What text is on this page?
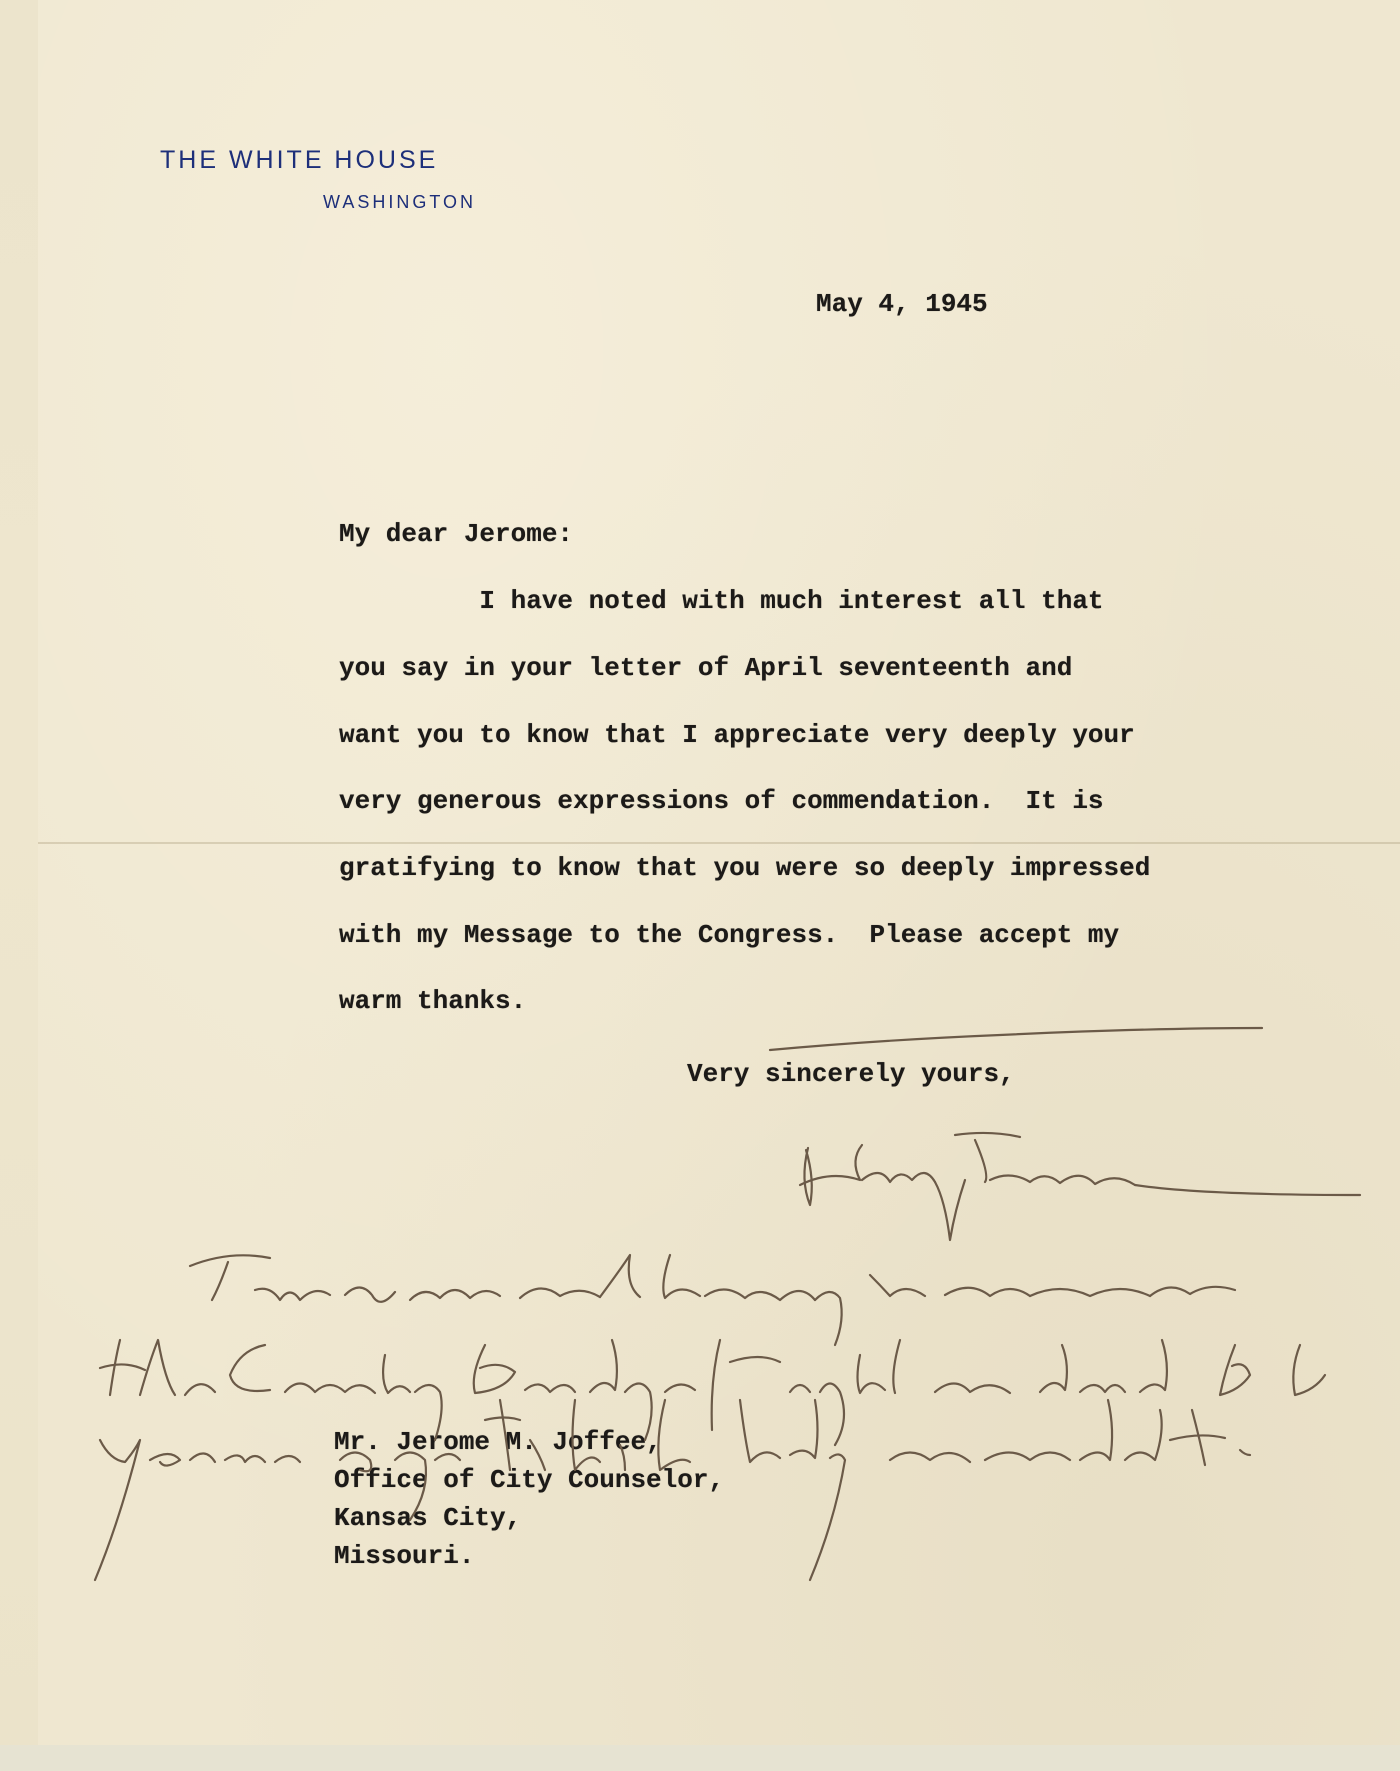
THE WHITE HOUSE
WASHINGTON
May 4, 1945
My dear Jerome:
I have noted with much interest all that
you say in your letter of April seventeenth and
want you to know that I appreciate very deeply your
very generous expressions of commendation.  It is
gratifying to know that you were so deeply impressed
with my Message to the Congress.  Please accept my
warm thanks.
Very sincerely yours,
Mr. Jerome M. Joffee,
Office of City Counselor,
Kansas City,
Missouri.
